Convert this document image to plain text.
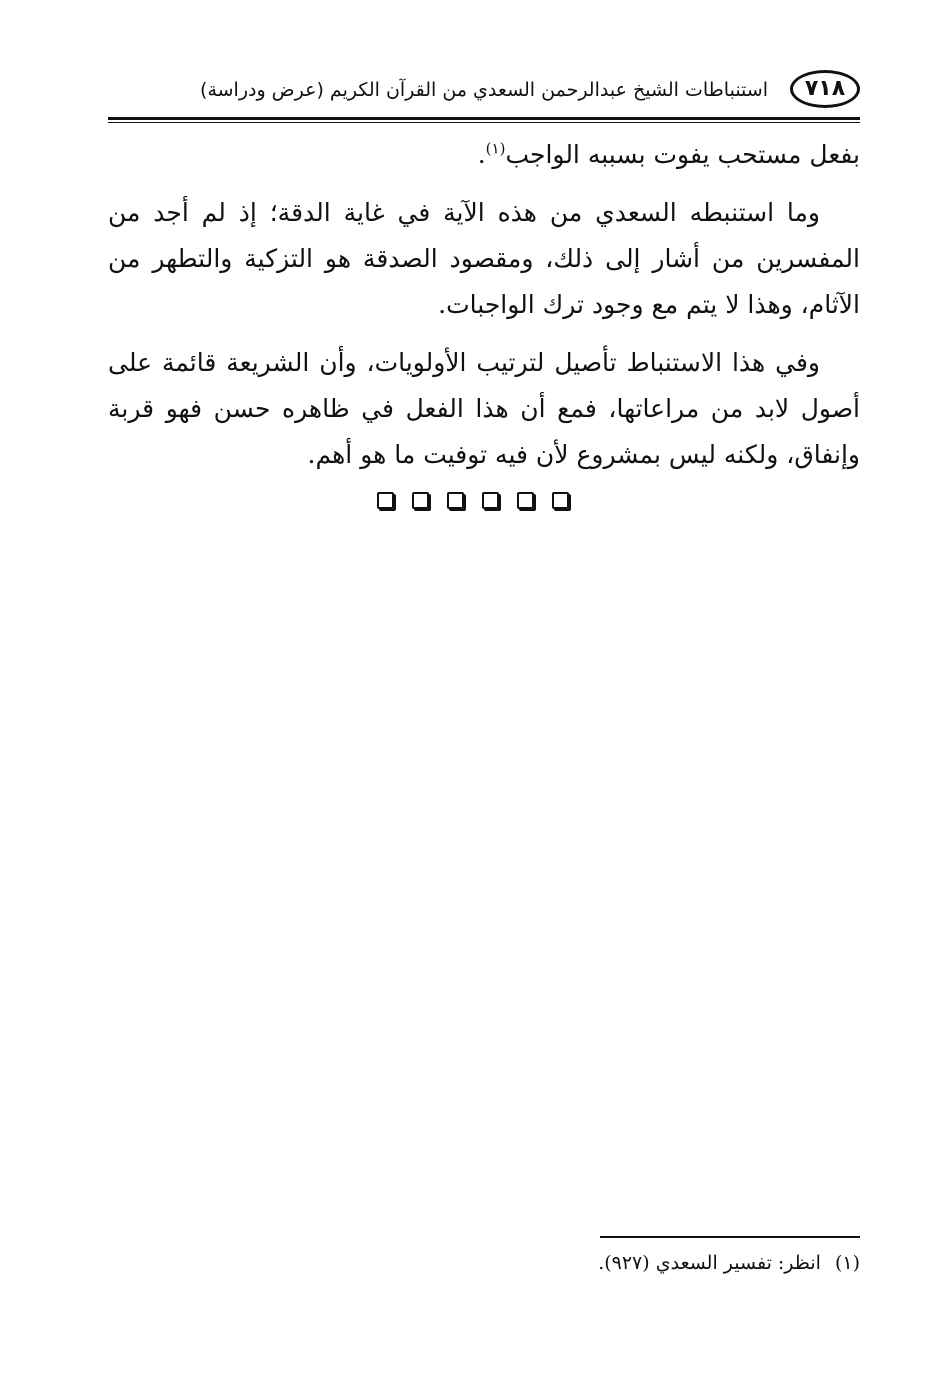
٧١٨
استنباطات الشيخ عبدالرحمن السعدي من القرآن الكريم (عرض ودراسة)

بفعل مستحب يفوت بسببه الواجب$^{(١)}$.

وما استنبطه السعدي من هذه الآية في غاية الدقة؛ إذ لم أجد من المفسرين من أشار إلى ذلك، ومقصود الصدقة هو التزكية والتطهر من الآثام، وهذا لا يتم مع وجود ترك الواجبات.

وفي هذا الاستنباط تأصيل لترتيب الأولويات، وأن الشريعة قائمة على أصول لابد من مراعاتها، فمع أن هذا الفعل في ظاهره حسن فهو قربة وإنفاق، ولكنه ليس بمشروع لأن فيه توفيت ما هو أهم.

(١)انظر: تفسير السعدي (٩٢٧).
